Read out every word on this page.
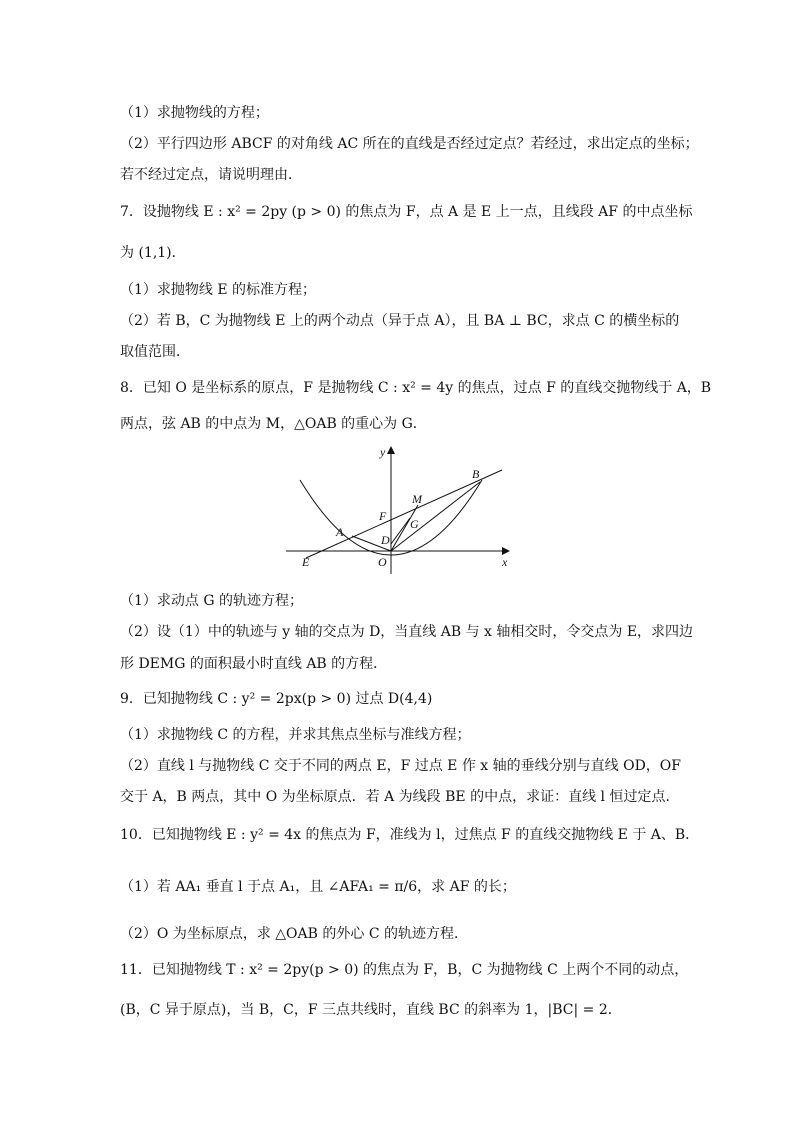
（1）求抛物线的方程；
（2）平行四边形 ABCF 的对角线 AC 所在的直线是否经过定点？若经过，求出定点的坐标；
若不经过定点，请说明理由．
7．设抛物线 E : x² = 2py (p > 0) 的焦点为 F，点 A 是 E 上一点，且线段 AF 的中点坐标
为 (1,1)．
（1）求抛物线 E 的标准方程；
（2）若 B，C 为抛物线 E 上的两个动点（异于点 A），且 BA ⊥ BC，求点 C 的横坐标的
取值范围．
8．已知 O 是坐标系的原点，F 是抛物线 C : x² = 4y 的焦点，过点 F 的直线交抛物线于 A，B
两点，弦 AB 的中点为 M，△OAB 的重心为 G．
y
x
B
M
F
G
A
D
E	O
（1）求动点 G 的轨迹方程；
（2）设（1）中的轨迹与 y 轴的交点为 D，当直线 AB 与 x 轴相交时，令交点为 E，求四边
形 DEMG 的面积最小时直线 AB 的方程．
9．已知抛物线 C : y² = 2px(p > 0) 过点 D(4,4)
（1）求抛物线 C 的方程，并求其焦点坐标与准线方程；
（2）直线 l 与抛物线 C 交于不同的两点 E，F 过点 E 作 x 轴的垂线分别与直线 OD，OF
交于 A，B 两点，其中 O 为坐标原点．若 A 为线段 BE 的中点，求证：直线 l 恒过定点．
10．已知抛物线 E : y² = 4x 的焦点为 F，准线为 l，过焦点 F 的直线交抛物线 E 于 A、B．
（1）若 AA₁ 垂直 l 于点 A₁，且 ∠AFA₁ = π/6，求 AF 的长；
（2）O 为坐标原点，求 △OAB 的外心 C 的轨迹方程．
11．已知抛物线 T : x² = 2py(p > 0) 的焦点为 F，B，C 为抛物线 C 上两个不同的动点，
(B，C 异于原点)，当 B，C，F 三点共线时，直线 BC 的斜率为 1，|BC| = 2．
